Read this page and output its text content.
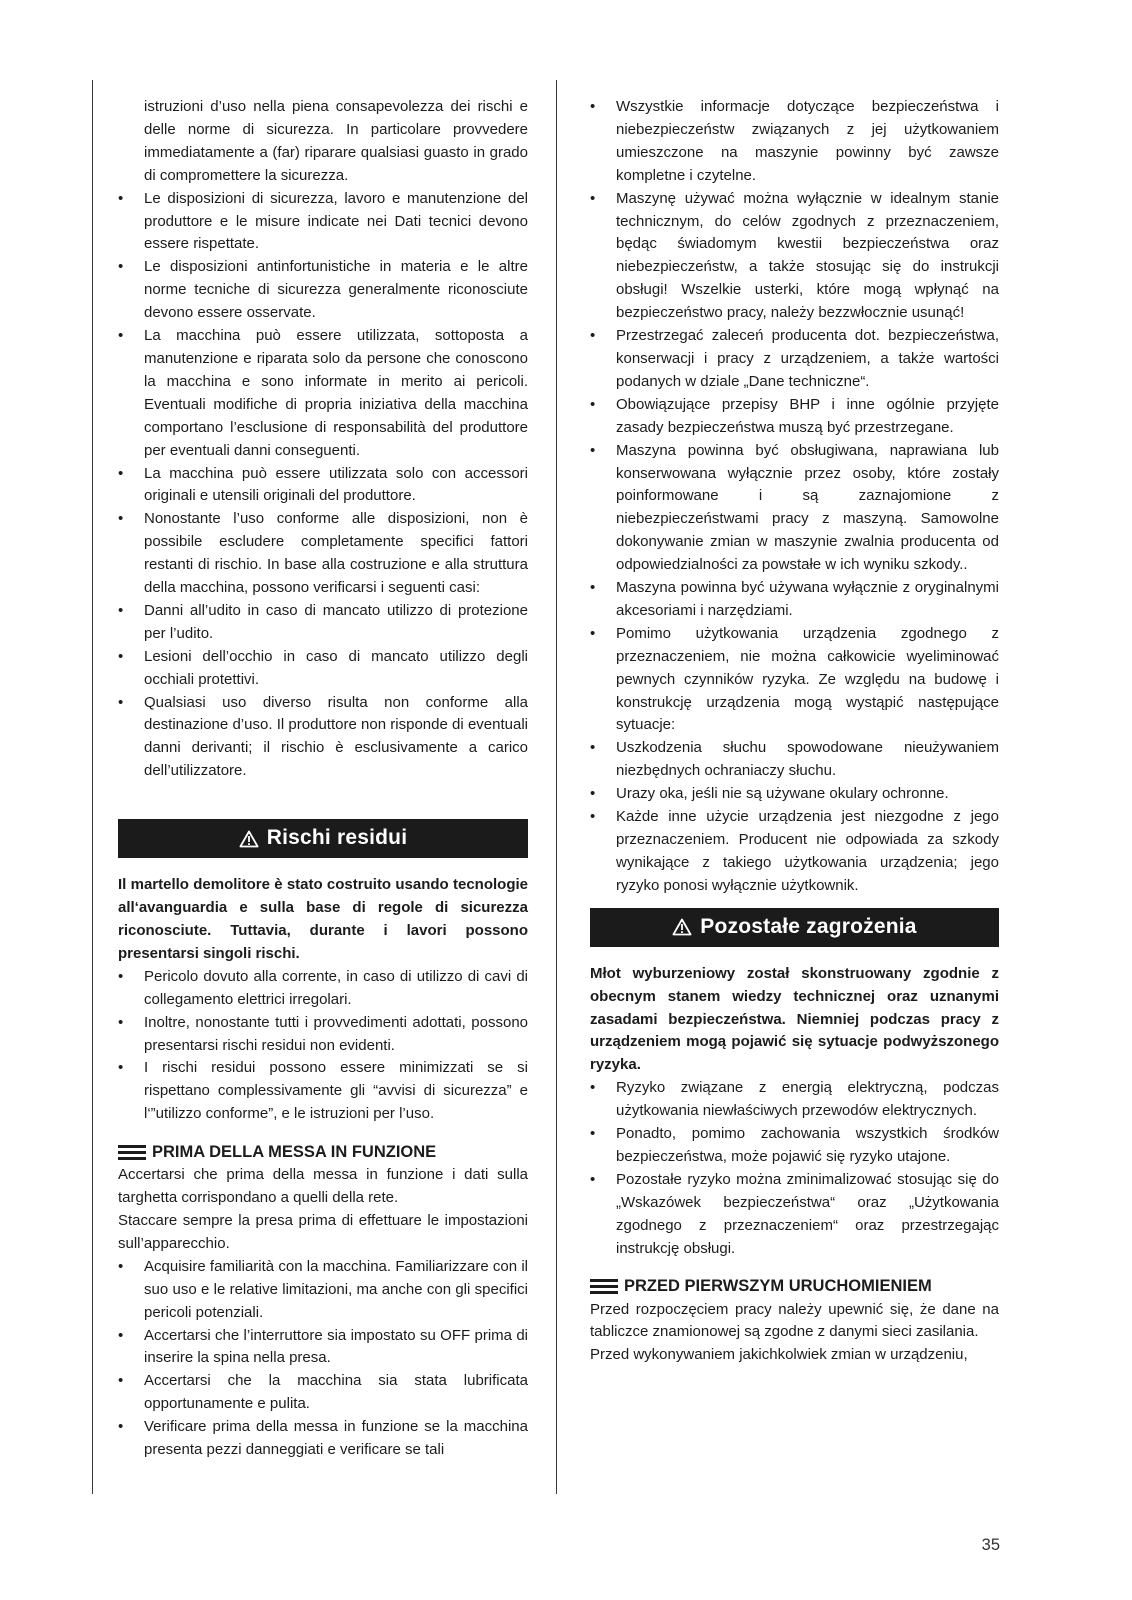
istruzioni d’uso nella piena consapevolezza dei rischi e delle norme di sicurezza. In particolare provvedere immediatamente a (far) riparare qualsiasi guasto in grado di compromettere la sicurezza.

• Le disposizioni di sicurezza, lavoro e manutenzione del produttore e le misure indicate nei Dati tecnici devono essere rispettate.
• Le disposizioni antinfortunistiche in materia e le altre norme tecniche di sicurezza generalmente riconosciute devono essere osservate.
• La macchina può essere utilizzata, sottoposta a manutenzione e riparata solo da persone che conoscono la macchina e sono informate in merito ai pericoli. Eventuali modifiche di propria iniziativa della macchina comportano l’esclusione di responsabilità del produttore per eventuali danni conseguenti.
• La macchina può essere utilizzata solo con accessori originali e utensili originali del produttore.
• Nonostante l’uso conforme alle disposizioni, non è possibile escludere completamente specifici fattori restanti di rischio. In base alla costruzione e alla struttura della macchina, possono verificarsi i seguenti casi:
• Danni all’udito in caso di mancato utilizzo di protezione per l’udito.
• Lesioni dell’occhio in caso di mancato utilizzo degli occhiali protettivi.
• Qualsiasi uso diverso risulta non conforme alla destinazione d’uso. Il produttore non risponde di eventuali danni derivanti; il rischio è esclusivamente a carico dell’utilizzatore.
Rischi residui

Il martello demolitore è stato costruito usando tecnologie all‘avanguardia e sulla base di regole di sicurezza riconosciute. Tuttavia, durante i lavori possono presentarsi singoli rischi.

• Pericolo dovuto alla corrente, in caso di utilizzo di cavi di collegamento elettrici irregolari.
• Inoltre, nonostante tutti i provvedimenti adottati, possono presentarsi rischi residui non evidenti.
• I rischi residui possono essere minimizzati se si rispettano complessivamente gli “avvisi di sicurezza” e l‘”utilizzo conforme”, e le istruzioni per l’uso.
PRIMA DELLA MESSA IN FUNZIONE

Accertarsi che prima della messa in funzione i dati sulla targhetta corrispondano a quelli della rete.

Staccare sempre la presa prima di effettuare le impostazioni sull’apparecchio.

• Acquisire familiarità con la macchina. Familiarizzare con il suo uso e le relative limitazioni, ma anche con gli specifici pericoli potenziali.
• Accertarsi che l’interruttore sia impostato su OFF prima di inserire la spina nella presa.
• Accertarsi che la macchina sia stata lubrificata opportunamente e pulita.
• Verificare prima della messa in funzione se la macchina presenta pezzi danneggiati e verificare se tali
• Wszystkie informacje dotyczące bezpieczeństwa i niebezpieczeństw związanych z jej użytkowaniem umieszczone na maszynie powinny być zawsze kompletne i czytelne.
• Maszynę używać można wyłącznie w idealnym stanie technicznym, do celów zgodnych z przeznaczeniem, będąc świadomym kwestii bezpieczeństwa oraz niebezpieczeństw, a także stosując się do instrukcji obsługi! Wszelkie usterki, które mogą wpłynąć na bezpieczeństwo pracy, należy bezzwłocznie usunąć!
• Przestrzegać zaleceń producenta dot. bezpieczeństwa, konserwacji i pracy z urządzeniem, a także wartości podanych w dziale „Dane techniczne“.
• Obowiązujące przepisy BHP i inne ogólnie przyjęte zasady bezpieczeństwa muszą być przestrzegane.
• Maszyna powinna być obsługiwana, naprawiana lub konserwowana wyłącznie przez osoby, które zostały poinformowane i są zaznajomione z niebezpieczeństwami pracy z maszyną. Samowolne dokonywanie zmian w maszynie zwalnia producenta od odpowiedzialności za powstałe w ich wyniku szkody..
• Maszyna powinna być używana wyłącznie z oryginalnymi akcesoriami i narzędziami.
• Pomimo użytkowania urządzenia zgodnego z przeznaczeniem, nie można całkowicie wyeliminować pewnych czynników ryzyka. Ze względu na budowę i konstrukcję urządzenia mogą wystąpić następujące sytuacje:
• Uszkodzenia słuchu spowodowane nieużywaniem niezbędnych ochraniaczy słuchu.
• Urazy oka, jeśli nie są używane okulary ochronne.
• Każde inne użycie urządzenia jest niezgodne z jego przeznaczeniem. Producent nie odpowiada za szkody wynikające z takiego użytkowania urządzenia; jego ryzyko ponosi wyłącznie użytkownik.
Pozostałe zagrożenia

Młot wyburzeniowy został skonstruowany zgodnie z obecnym stanem wiedzy technicznej oraz uznanymi zasadami bezpieczeństwa. Niemniej podczas pracy z urządzeniem mogą pojawić się sytuacje podwyższonego ryzyka.

• Ryzyko związane z energią elektryczną, podczas użytkowania niewłaściwych przewodów elektrycznych.
• Ponadto, pomimo zachowania wszystkich środków bezpieczeństwa, może pojawić się ryzyko utajone.
• Pozostałe ryzyko można zminimalizować stosując się do „Wskazówek bezpieczeństwa“ oraz „Użytkowania zgodnego z przeznaczeniem“ oraz przestrzegając instrukcję obsługi.
PRZED PIERWSZYM URUCHOMIENIEM

Przed rozpoczęciem pracy należy upewnić się, że dane na tabliczce znamionowej są zgodne z danymi sieci zasilania.

Przed wykonywaniem jakichkolwiek zmian w urządzeniu,

35
